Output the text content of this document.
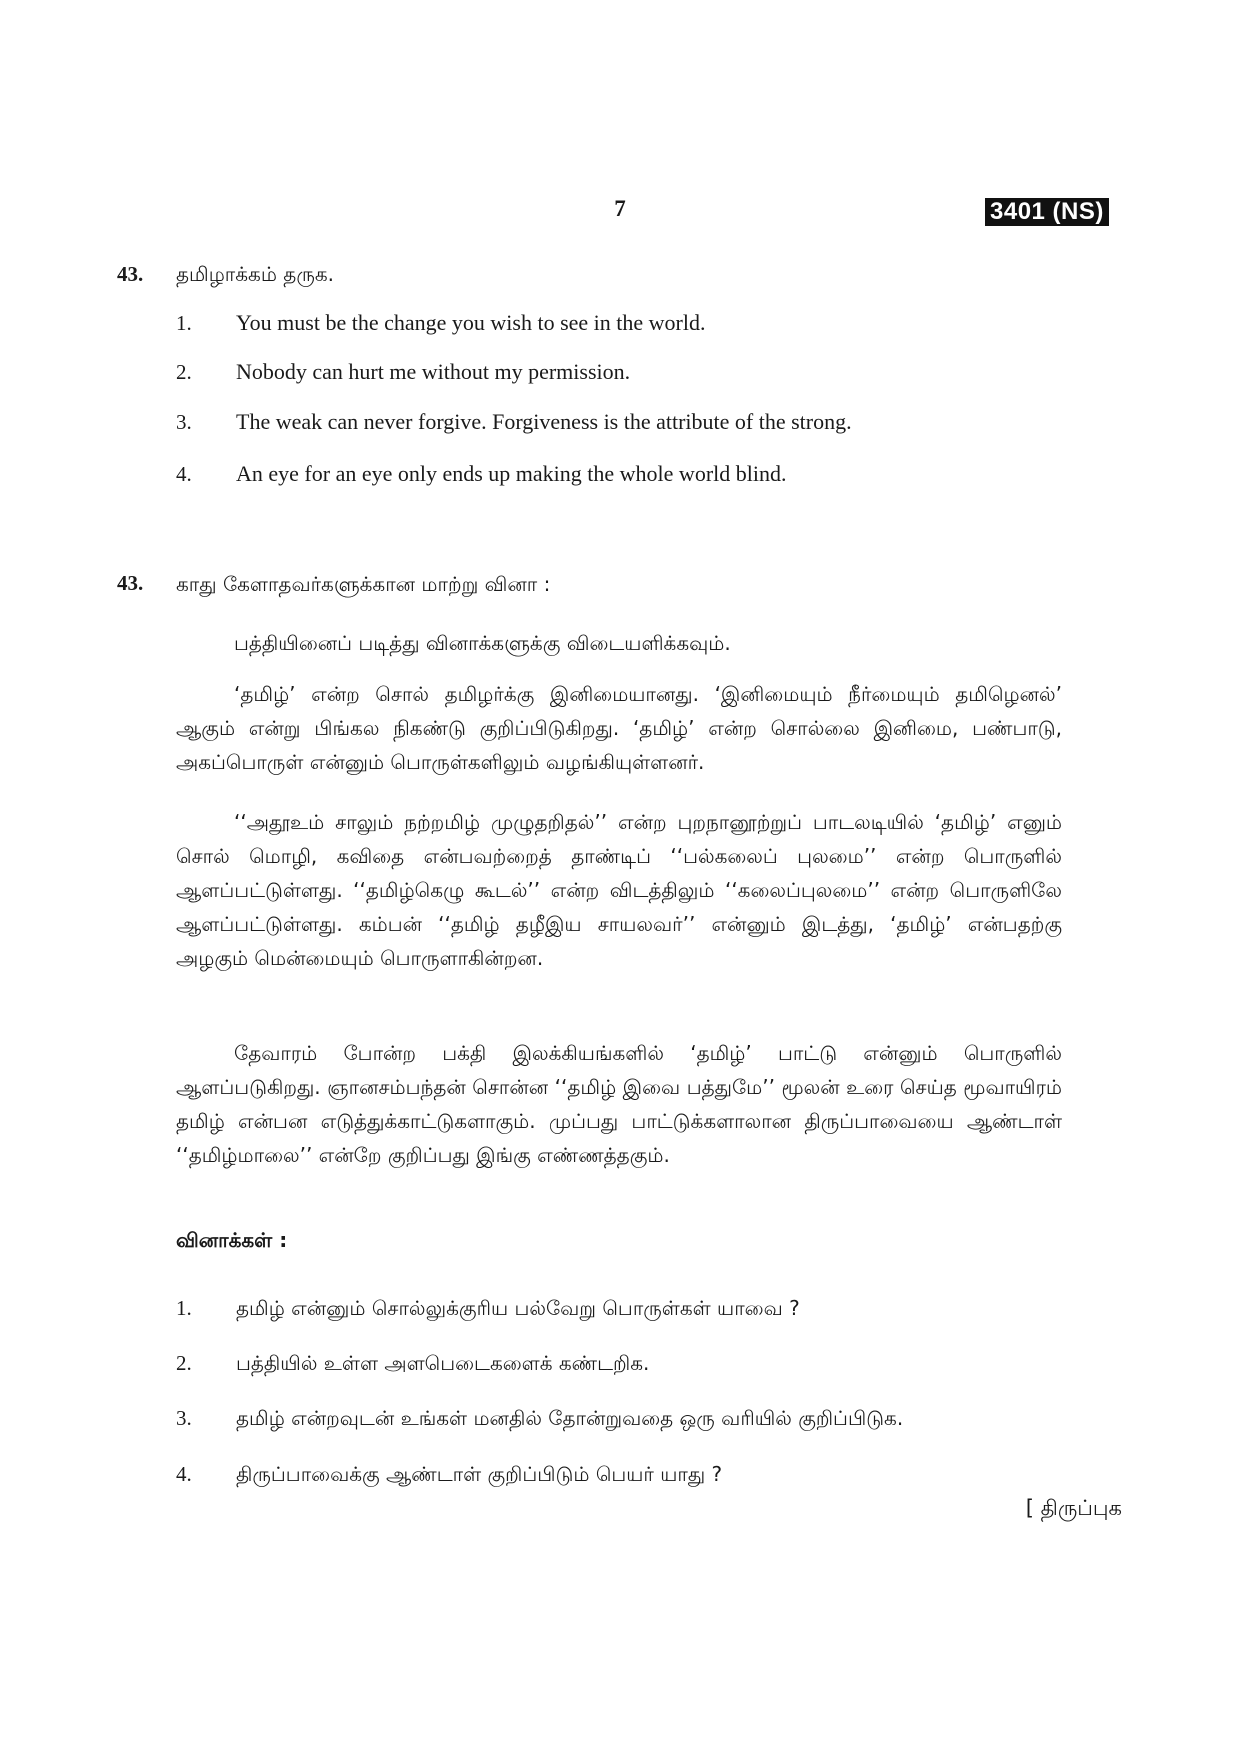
7	3401 (NS)
43. தமிழாக்கம் தருக.
1. You must be the change you wish to see in the world.
2. Nobody can hurt me without my permission.
3. The weak can never forgive. Forgiveness is the attribute of the strong.
4. An eye for an eye only ends up making the whole world blind.
43. காது கேளாதவர்களுக்கான மாற்று வினா :
பத்தியினைப் படித்து வினாக்களுக்கு விடையளிக்கவும்.

‘தமிழ்’ என்ற சொல் தமிழர்க்கு இனிமையானது. ‘இனிமையும் நீர்மையும் தமிழெனல்’ ஆகும் என்று பிங்கல நிகண்டு குறிப்பிடுகிறது. ‘தமிழ்’ என்ற சொல்லை இனிமை, பண்பாடு, அகப்பொருள் என்னும் பொருள்களிலும் வழங்கியுள்ளனர்.

‘‘அதூஉம் சாலும் நற்றமிழ் முழுதறிதல்’’ என்ற புறநானூற்றுப் பாடலடியில் ‘தமிழ்’ எனும் சொல் மொழி, கவிதை என்பவற்றைத் தாண்டிப் ‘‘பல்கலைப் புலமை’’ என்ற பொருளில் ஆளப்பட்டுள்ளது. ‘‘தமிழ்கெழு கூடல்’’ என்ற விடத்திலும் ‘‘கலைப்புலமை’’ என்ற பொருளிலே ஆளப்பட்டுள்ளது. கம்பன் ‘‘தமிழ் தழீஇய சாயலவர்’’ என்னும் இடத்து, ‘தமிழ்’ என்பதற்கு அழகும் மென்மையும் பொருளாகின்றன.

தேவாரம் போன்ற பக்தி இலக்கியங்களில் ‘தமிழ்’ பாட்டு என்னும் பொருளில் ஆளப்படுகிறது. ஞானசம்பந்தன் சொன்ன ‘‘தமிழ் இவை பத்துமே’’ மூலன் உரை செய்த மூவாயிரம் தமிழ் என்பன எடுத்துக்காட்டுகளாகும். முப்பது பாட்டுக்களாலான திருப்பாவையை ஆண்டாள் ‘‘தமிழ்மாலை’’ என்றே குறிப்பது இங்கு எண்ணத்தகும்.

வினாக்கள் :
1. தமிழ் என்னும் சொல்லுக்குரிய பல்வேறு பொருள்கள் யாவை ?
2. பத்தியில் உள்ள அளபெடைகளைக் கண்டறிக.
3. தமிழ் என்றவுடன் உங்கள் மனதில் தோன்றுவதை ஒரு வரியில் குறிப்பிடுக.
4. திருப்பாவைக்கு ஆண்டாள் குறிப்பிடும் பெயர் யாது ?
[ திருப்புக
